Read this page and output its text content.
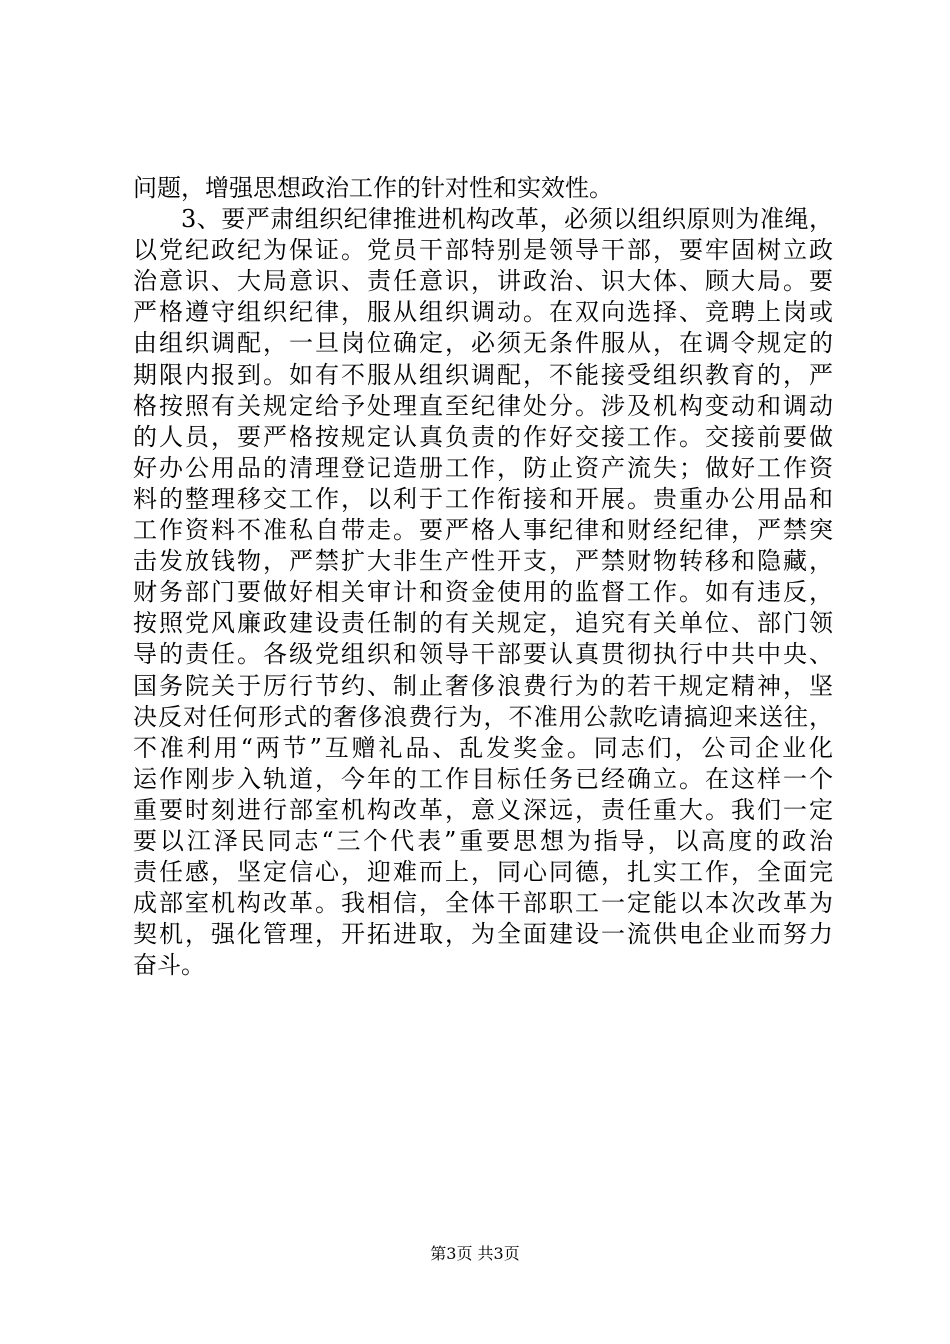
问题，增强思想政治工作的针对性和实效性。
3、要严肃组织纪律推进机构改革，必须以组织原则为准绳，
以党纪政纪为保证。党员干部特别是领导干部，要牢固树立政
治意识、大局意识、责任意识，讲政治、识大体、顾大局。要
严格遵守组织纪律，服从组织调动。在双向选择、竞聘上岗或
由组织调配，一旦岗位确定，必须无条件服从，在调令规定的
期限内报到。如有不服从组织调配，不能接受组织教育的，严
格按照有关规定给予处理直至纪律处分。涉及机构变动和调动
的人员，要严格按规定认真负责的作好交接工作。交接前要做
好办公用品的清理登记造册工作，防止资产流失；做好工作资
料的整理移交工作，以利于工作衔接和开展。贵重办公用品和
工作资料不准私自带走。要严格人事纪律和财经纪律，严禁突
击发放钱物，严禁扩大非生产性开支，严禁财物转移和隐藏，
财务部门要做好相关审计和资金使用的监督工作。如有违反，
按照党风廉政建设责任制的有关规定，追究有关单位、部门领
导的责任。各级党组织和领导干部要认真贯彻执行中共中央、
国务院关于厉行节约、制止奢侈浪费行为的若干规定精神，坚
决反对任何形式的奢侈浪费行为，不准用公款吃请搞迎来送往，
不准利用“两节”互赠礼品、乱发奖金。同志们，公司企业化
运作刚步入轨道，今年的工作目标任务已经确立。在这样一个
重要时刻进行部室机构改革，意义深远，责任重大。我们一定
要以江泽民同志“三个代表”重要思想为指导，以高度的政治
责任感，坚定信心，迎难而上，同心同德，扎实工作，全面完
成部室机构改革。我相信，全体干部职工一定能以本次改革为
契机，强化管理，开拓进取，为全面建设一流供电企业而努力
奋斗。
第3页 共3页
